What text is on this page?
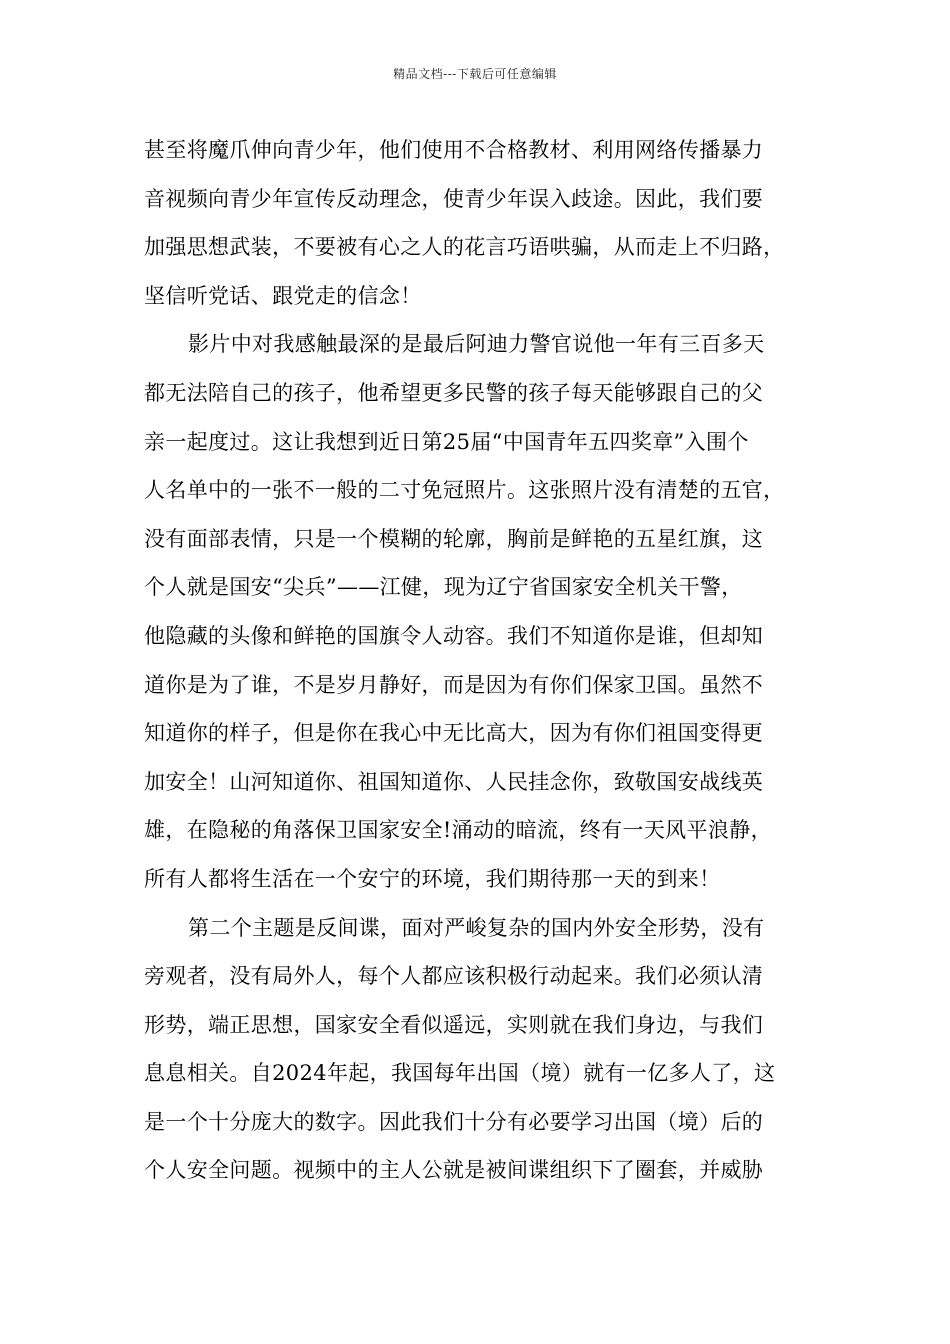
精品文档---下载后可任意编辑
甚至将魔爪伸向青少年，他们使用不合格教材、利用网络传播暴力
音视频向青少年宣传反动理念，使青少年误入歧途。因此，我们要
加强思想武装，不要被有心之人的花言巧语哄骗，从而走上不归路，
坚信听党话、跟党走的信念！
影片中对我感触最深的是最后阿迪力警官说他一年有三百多天
都无法陪自己的孩子，他希望更多民警的孩子每天能够跟自己的父
亲一起度过。这让我想到近日第25届“中国青年五四奖章”入围个
人名单中的一张不一般的二寸免冠照片。这张照片没有清楚的五官，
没有面部表情，只是一个模糊的轮廓，胸前是鲜艳的五星红旗，这
个人就是国安“尖兵”——江健，现为辽宁省国家安全机关干警，
他隐藏的头像和鲜艳的国旗令人动容。我们不知道你是谁，但却知
道你是为了谁，不是岁月静好，而是因为有你们保家卫国。虽然不
知道你的样子，但是你在我心中无比高大，因为有你们祖国变得更
加安全！山河知道你、祖国知道你、人民挂念你，致敬国安战线英
雄，在隐秘的角落保卫国家安全!涌动的暗流，终有一天风平浪静，
所有人都将生活在一个安宁的环境，我们期待那一天的到来！
第二个主题是反间谍，面对严峻复杂的国内外安全形势，没有
旁观者，没有局外人，每个人都应该积极行动起来。我们必须认清
形势，端正思想，国家安全看似遥远，实则就在我们身边，与我们
息息相关。自2024年起，我国每年出国（境）就有一亿多人了，这
是一个十分庞大的数字。因此我们十分有必要学习出国（境）后的
个人安全问题。视频中的主人公就是被间谍组织下了圈套，并威胁
